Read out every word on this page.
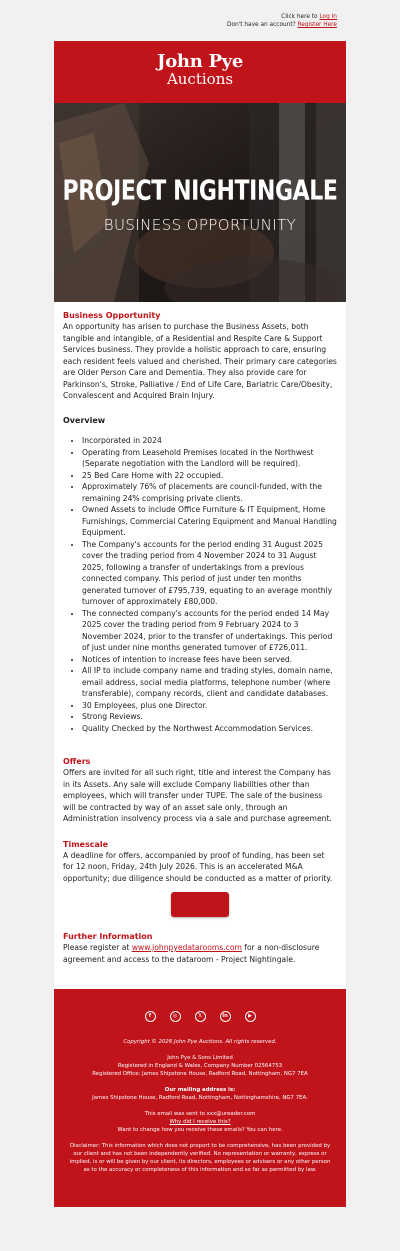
Click here to Log In
Don't have an account? Register Here
John Pye
Auctions
PROJECT NIGHTINGALE
BUSINESS OPPORTUNITY
Business Opportunity
An opportunity has arisen to purchase the Business Assets, both tangible and intangible, of a Residential and Respite Care & Support Services business. They provide a holistic approach to care, ensuring each resident feels valued and cherished. Their primary care categories are Older Person Care and Dementia. They also provide care for Parkinson's, Stroke, Palliative / End of Life Care, Bariatric Care/Obesity, Convalescent and Acquired Brain Injury.
Overview
• Incorporated in 2024
• Operating from Leasehold Premises located in the Northwest (Separate negotiation with the Landlord will be required).
• 25 Bed Care Home with 22 occupied.
• Approximately 76% of placements are council-funded, with the remaining 24% comprising private clients.
• Owned Assets to include Office Furniture & IT Equipment, Home Furnishings, Commercial Catering Equipment and Manual Handling Equipment.
• The Company's accounts for the period ending 31 August 2025 cover the trading period from 4 November 2024 to 31 August 2025, following a transfer of undertakings from a previous connected company. This period of just under ten months generated turnover of £795,739, equating to an average monthly turnover of approximately £80,000.
• The connected company's accounts for the period ended 14 May 2025 cover the trading period from 9 February 2024 to 3 November 2024, prior to the transfer of undertakings. This period of just under nine months generated turnover of £726,011.
• Notices of intention to increase fees have been served.
• All IP to include company name and trading styles, domain name, email address, social media platforms, telephone number (where transferable), company records, client and candidate databases.
• 30 Employees, plus one Director.
• Strong Reviews.
• Quality Checked by the Northwest Accommodation Services.
Offers
Offers are invited for all such right, title and interest the Company has in its Assets. Any sale will exclude Company liabilities other than employees, which will transfer under TUPE. The sale of the business will be contracted by way of an asset sale only, through an Administration insolvency process via a sale and purchase agreement.
Timescale
A deadline for offers, accompanied by proof of funding, has been set for 12 noon, Friday, 24th July 2026. This is an accelerated M&A opportunity; due diligence should be conducted as a matter of priority.
View More
Further Information
Please register at www.johnpyedatarooms.com for a non-disclosure agreement and access to the dataroom - Project Nightingale.
f	◎	𝕏	in	▶

Copyright © 2026 John Pye Auctions. All rights reserved.

John Pye & Sons Limited
Registered in England & Wales, Company Number 02564753
Registered Office: James Shipstone House, Radford Road, Nottingham, NG7 7EA

Our mailing address is:
James Shipstone House, Radford Road, Nottingham, Nottinghamshire, NG7 7EA.

This email was sent to xxx@ureader.com
Why did I receive this?
Want to change how you receive these emails? You can here.

Disclaimer: This information which does not proport to be comprehensive, has been provided by our client and has not been independently verified. No representation or warranty, express or implied, is or will be given by our client, its directors, employees or advisers or any other person as to the accuracy or completeness of this information and so far as permitted by law.
